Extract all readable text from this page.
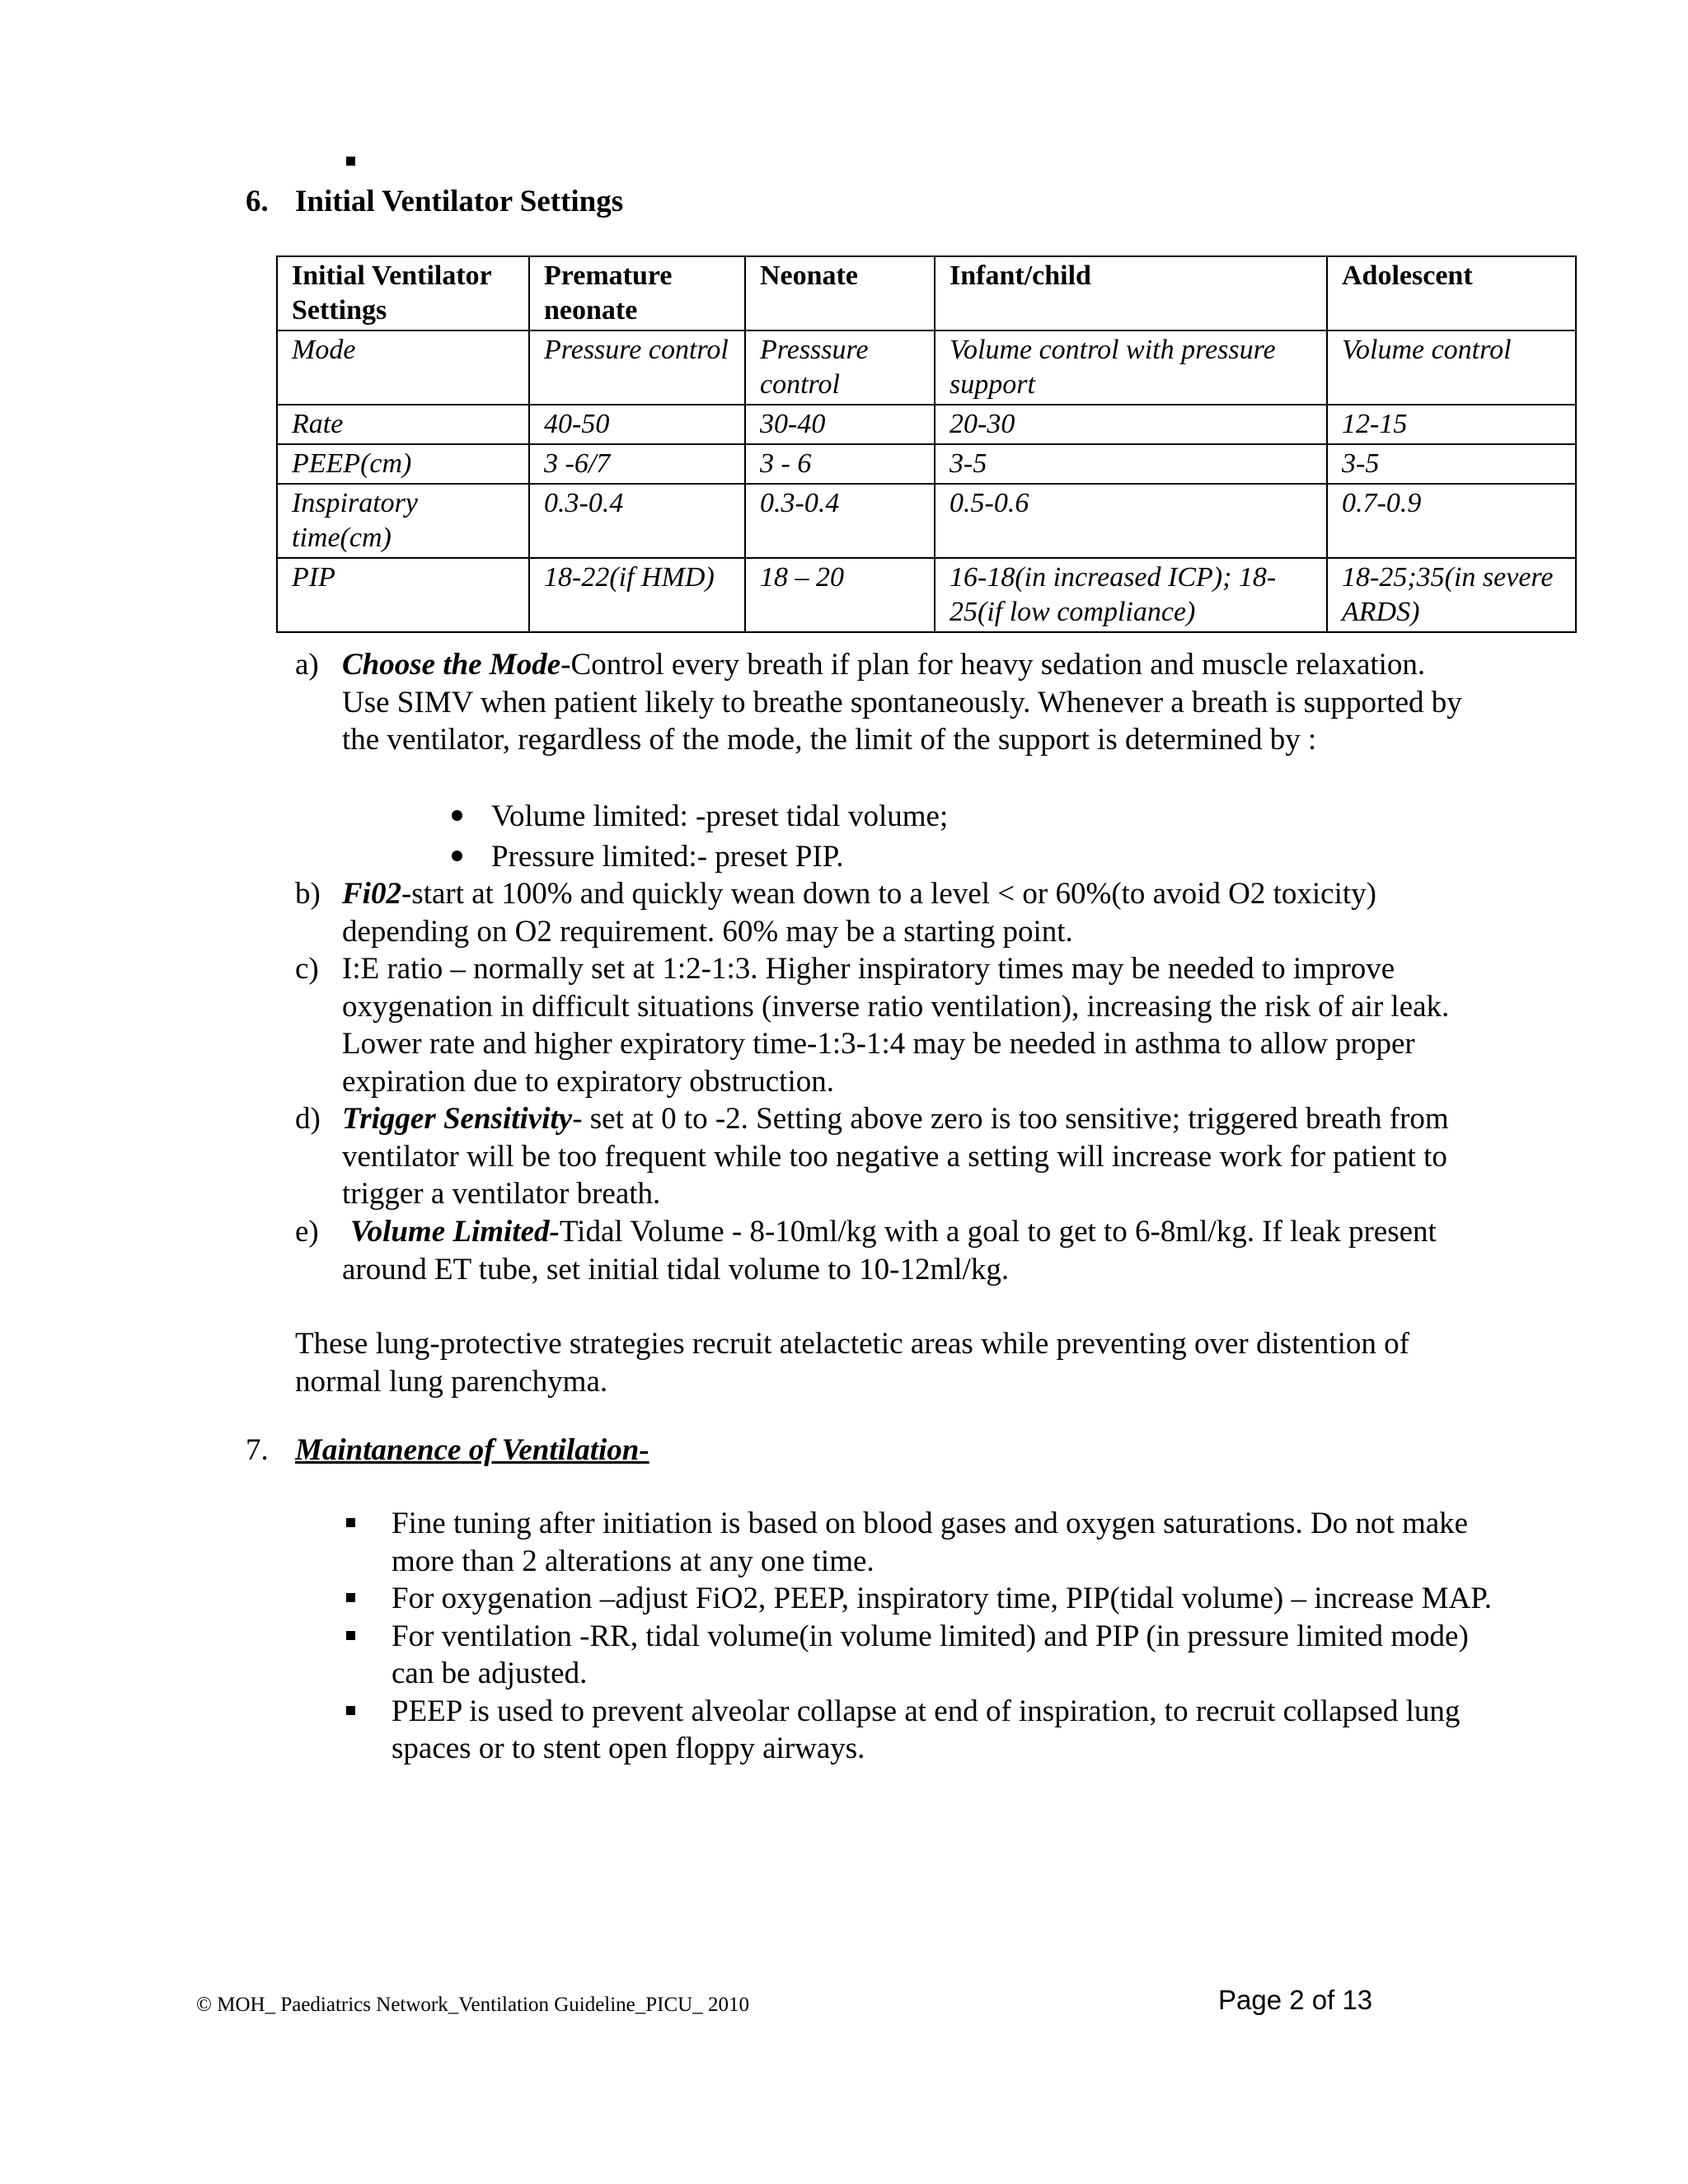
6. Initial Ventilator Settings
Initial Ventilator Settings	Premature neonate	Neonate	Infant/child	Adolescent
Mode	Pressure control	Presssure control	Volume control with pressure support	Volume control
Rate	40-50	30-40	20-30	12-15
PEEP(cm)	3 -6/7	3 - 6	3-5	3-5
Inspiratory time(cm)	0.3-0.4	0.3-0.4	0.5-0.6	0.7-0.9
PIP	18-22(if HMD)	18 – 20	16-18(in increased ICP); 18-25(if low compliance)	18-25;35(in severe ARDS)
a) Choose the Mode-Control every breath if plan for heavy sedation and muscle relaxation. Use SIMV when patient likely to breathe spontaneously. Whenever a breath is supported by the ventilator, regardless of the mode, the limit of the support is determined by :
Volume limited: -preset tidal volume;
Pressure limited:- preset PIP.
b) Fi02-start at 100% and quickly wean down to a level < or 60%(to avoid O2 toxicity) depending on O2 requirement. 60% may be a starting point.
c) I:E ratio – normally set at 1:2-1:3. Higher inspiratory times may be needed to improve oxygenation in difficult situations (inverse ratio ventilation), increasing the risk of air leak. Lower rate and higher expiratory time-1:3-1:4 may be needed in asthma to allow proper expiration due to expiratory obstruction.
d) Trigger Sensitivity- set at 0 to -2. Setting above zero is too sensitive; triggered breath from ventilator will be too frequent while too negative a setting will increase work for patient to trigger a ventilator breath.
e) Volume Limited-Tidal Volume - 8-10ml/kg with a goal to get to 6-8ml/kg. If leak present around ET tube, set initial tidal volume to 10-12ml/kg.
These lung-protective strategies recruit atelactetic areas while preventing over distention of normal lung parenchyma.
7. Maintanence of Ventilation-
Fine tuning after initiation is based on blood gases and oxygen saturations. Do not make more than 2 alterations at any one time.
For oxygenation –adjust FiO2, PEEP, inspiratory time, PIP(tidal volume) – increase MAP.
For ventilation -RR, tidal volume(in volume limited) and PIP (in pressure limited mode) can be adjusted.
PEEP is used to prevent alveolar collapse at end of inspiration, to recruit collapsed lung spaces or to stent open floppy airways.
© MOH_ Paediatrics Network_Ventilation Guideline_PICU_ 2010	Page 2 of 13
